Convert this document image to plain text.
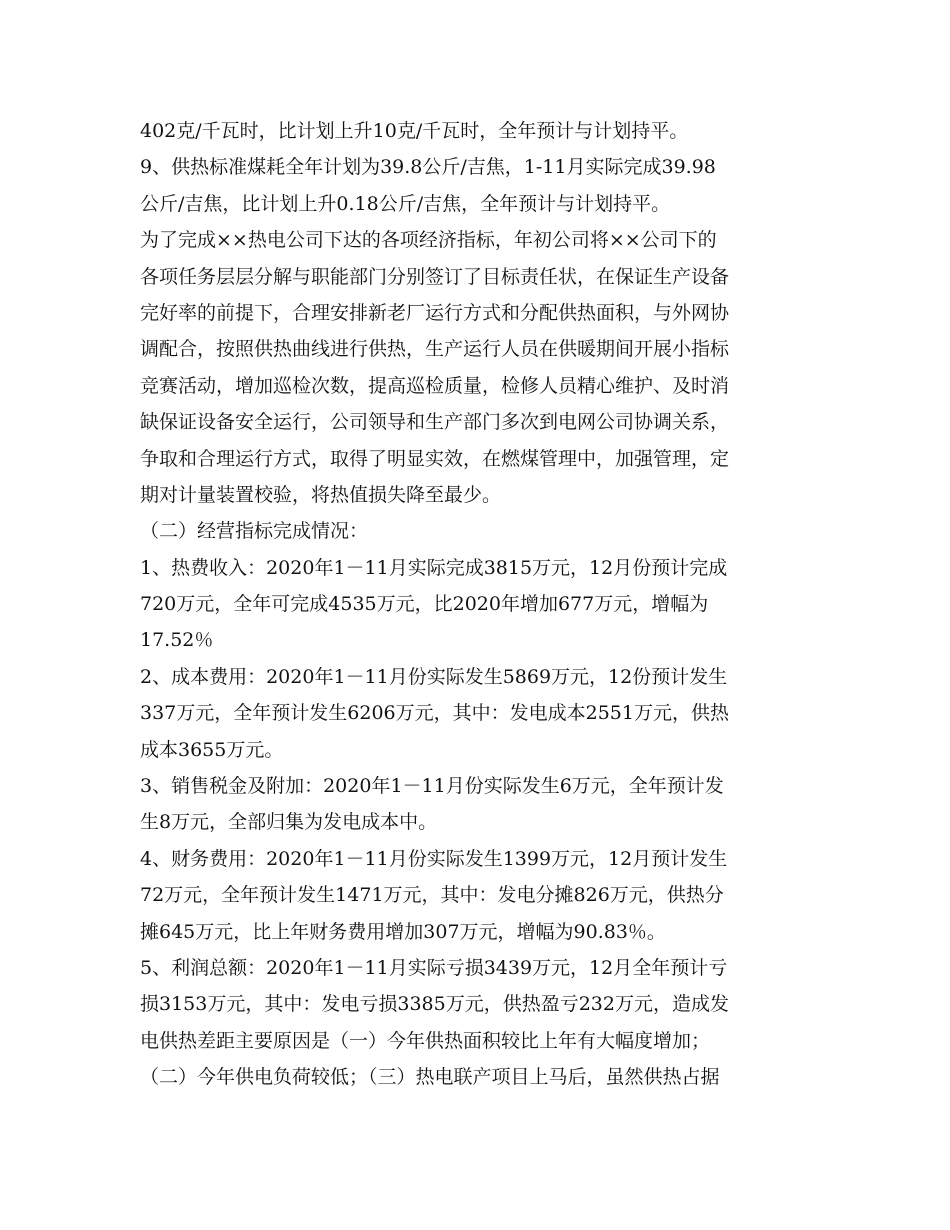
402克/千瓦时，比计划上升10克/千瓦时，全年预计与计划持平。
9、供热标准煤耗全年计划为39.8公斤/吉焦，1-11月实际完成39.98
公斤/吉焦，比计划上升0.18公斤/吉焦，全年预计与计划持平。
为了完成××热电公司下达的各项经济指标，年初公司将××公司下的
各项任务层层分解与职能部门分别签订了目标责任状，在保证生产设备
完好率的前提下，合理安排新老厂运行方式和分配供热面积，与外网协
调配合，按照供热曲线进行供热，生产运行人员在供暖期间开展小指标
竞赛活动，增加巡检次数，提高巡检质量，检修人员精心维护、及时消
缺保证设备安全运行，公司领导和生产部门多次到电网公司协调关系，
争取和合理运行方式，取得了明显实效，在燃煤管理中，加强管理，定
期对计量装置校验，将热值损失降至最少。
（二）经营指标完成情况：
1、热费收入：2020年1－11月实际完成3815万元，12月份预计完成
720万元，全年可完成4535万元，比2020年增加677万元，增幅为
17.52％
2、成本费用：2020年1－11月份实际发生5869万元，12份预计发生
337万元，全年预计发生6206万元，其中：发电成本2551万元，供热
成本3655万元。
3、销售税金及附加：2020年1－11月份实际发生6万元，全年预计发
生8万元，全部归集为发电成本中。
4、财务费用：2020年1－11月份实际发生1399万元，12月预计发生
72万元，全年预计发生1471万元，其中：发电分摊826万元，供热分
摊645万元，比上年财务费用增加307万元，增幅为90.83％。
5、利润总额：2020年1－11月实际亏损3439万元，12月全年预计亏
损3153万元，其中：发电亏损3385万元，供热盈亏232万元，造成发
电供热差距主要原因是（一）今年供热面积较比上年有大幅度增加；
（二）今年供电负荷较低；（三）热电联产项目上马后，虽然供热占据
